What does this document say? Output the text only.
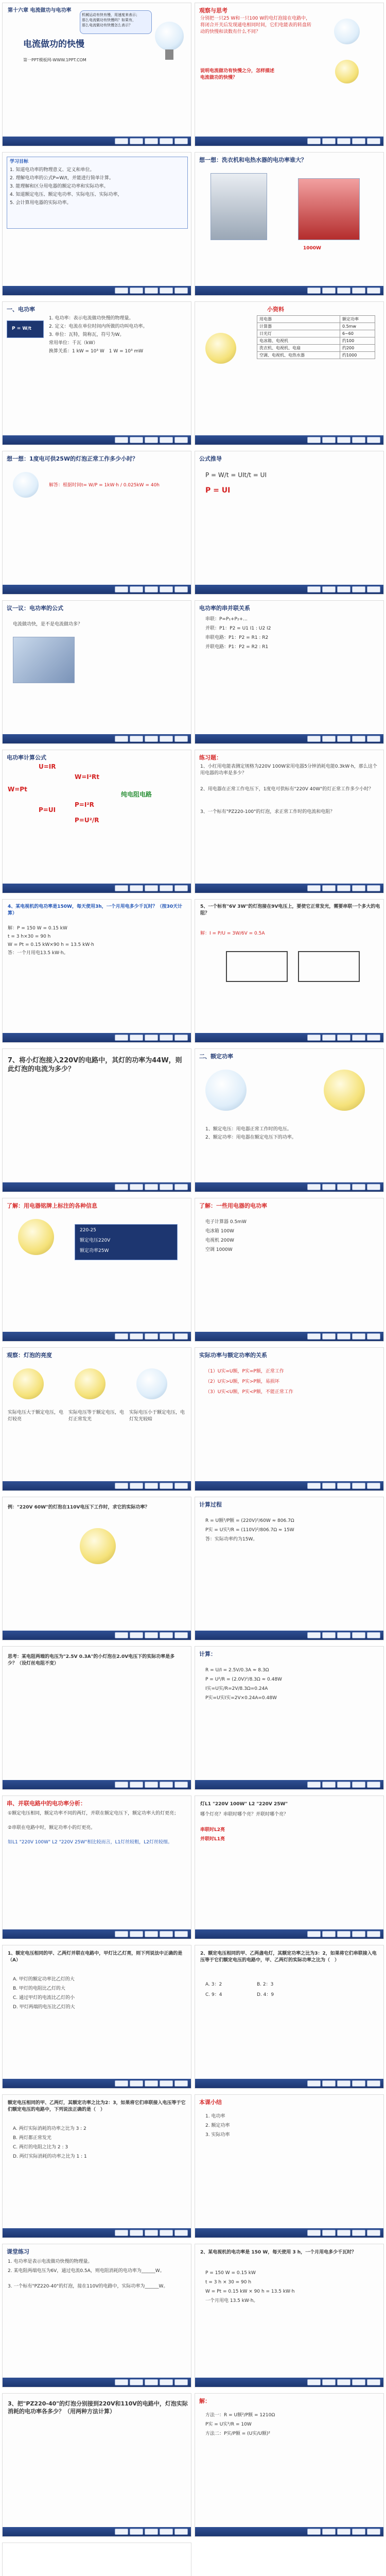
第十六章 电流做功与电功率
电流做功的快慢
第一PPT模板网-WWW.1PPT.COM
机械运动有快有慢，用速度来表示；
那么电流做功有快慢吗？如果有，
那么电流做功有快慢怎么表示？
观察与思考
分别把一只25 W和一只100 W的电灯泡接在电路中，将闭合开关后发现通电相同时间，它们电能表的转盘转动的快慢和读数有什么不同？
说明电流做功有快慢之分，怎样描述电流做功的快慢？
学习目标
1. 知道电功率的物理意义、定义和单位。
2. 理解电功率的公式P=W/t，并能进行简单计算。
3. 能理解和区分用电器的额定功率和实际功率。
4. 知道额定电压、额定电功率、实际电压、实际功率，
5. 会计算用电器的实际功率。
想一想：洗衣机和电热水器的电功率谁大？
1000W
一、电功率
P = W/t
1. 电功率：表示电流做功快慢的物理量。
2. 定义：电流在单位时间内所做的功叫电功率。
3. 单位：瓦特，简称瓦，符号为W。
常用单位：千瓦（kW）
换算关系：1 kW = 10³ W　1 W = 10³ mW
小资料
用电器	额定功率
计算器	0.5mw
日光灯	6~60
电冰箱、电视机	约100
洗衣机、电视机、电扇	约200
空调、电视机、电热水器	约1000
想一想：1度电可供25W的灯泡正常工作多少小时？
解答：根据时间t= W/P = 1kW·h / 0.025kW = 40h
公式推导
P = W/t = UIt/t = UI
P = UI
议一议：电功率的公式
电流做功快，是不是电流做功多？
电功率的串并联关系
串联：P=P₁+P₂+...
并联：P1：P2 = U1 I1 : U2 I2
串联电路：P1：P2 = R1 : R2
并联电路：P1：P2 = R2 : R1
电功率计算公式
U=IR
W=I²Rt
W=Pt
P=UI
P=I²R
P=U²/R
纯电阻电路
练习题：
1、小红用电能表测定规格为220V 100W家用电器5分钟消耗电能0.3kW·h，那么这个用电器的功率是多少？
2、用电器在正常工作电压下，1度电可供标有"220V 40W"的灯正常工作多少小时？
3、一个标有"PZ220-100"的灯泡，求正常工作时的电流和电阻？
4、某电视机的电功率是150W，每天使用3h，一个月用电多少千瓦时？（按30天计算）
解：P = 150 W = 0.15 kW
t = 3 h×30 = 90 h
W = Pt = 0.15 kW×90 h = 13.5 kW·h
答：一个月用电13.5 kW·h。
5、一个标有"6V 3W"的灯泡接在9V电压上，要使它正常发光，需要串联一个多大的电阻？
解：I = P/U = 3W/6V = 0.5A
7、将小灯泡接入220V的电路中，其灯的功率为44W，则此灯泡的电流为多少？
二、额定功率
1、额定电压：用电器正常工作时的电压。
2、额定功率：用电器在额定电压下的功率。
了解：用电器铭牌上标注的各种信息
220-25
额定电压220V
额定功率25W
了解：一些用电器的电功率
电子计算器 0.5mW
电冰箱 100W
电视机 200W
空调 1000W
观察：灯泡的亮度
实际电压大于额定电压，电灯较亮
实际电压等于额定电压，电灯正常发光
实际电压小于额定电压，电灯发光较暗
实际功率与额定功率的关系
（1）U实=U额，P实=P额，正常工作
（2）U实>U额，P实>P额，易损坏
（3）U实<U额，P实<P额，不能正常工作
例："220V 60W"的灯泡在110V电压下工作时，求它的实际功率？	计算过程
R = U额²/P额 = (220V)²/60W ≈ 806.7Ω
P实 = U实²/R = (110V)²/806.7Ω ≈ 15W
答：实际功率约为15W。
思考：某电阻两端的电压为"2.5V 0.3A"的小灯泡在2.0V电压下的实际功率是多少？（设灯丝电阻不变）
计算：
R = U/I = 2.5V/0.3A ≈ 8.3Ω
P = U²/R = (2.0V)²/8.3Ω ≈ 0.48W
I实=U实/R=2V/8.3Ω=0.24A
P实=U实I实=2V×0.24A=0.48W
串、并联电路中的电功率分析：
①额定电压相同，额定功率不同的两灯，并联在额定电压下，额定功率大的灯更亮；
②串联在电路中时，额定功率小的灯更亮。
如L1 "220V 100W" L2 "220V 25W"相比较而言，L1灯丝较粗，L2灯丝较细。
灯L1 "220V 100W" L2 "220V 25W"
哪个灯亮？串联时哪个亮？并联时哪个亮？
串联时L2亮
并联时L1亮
1、额定电压相同的甲、乙两灯并联在电路中，甲灯比乙灯亮，则下列说法中正确的是（A）
A. 甲灯的额定功率比乙灯的大
B. 甲灯的电阻比乙灯的大
C. 通过甲灯的电流比乙灯的小
D. 甲灯两端的电压比乙灯的大
2、额定电压相同的甲、乙两盏电灯，其额定功率之比为3：2，如果将它们串联接入电压等于它们额定电压的电路中，甲、乙两灯的实际功率之比为（　）
A. 3：2	B. 2：3
C. 9：4	D. 4：9
额定电压相同的甲、乙两灯，其额定功率之比为2：3，如果将它们串联接入电压等于它们额定电压的电路中，下列说法正确的是（　）
A. 两灯实际消耗的功率之比为 3 : 2
B. 两灯都正常发光
C. 两灯的电阻之比为 2 : 3
D. 两灯实际消耗的功率之比为 1 : 1
本课小结
1. 电功率
2. 额定功率
3. 实际功率
课堂练习
1. 电功率是表示电流做功快慢的物理量。
2. 某电阻两端电压为6V，通过电流0.5A，则电阻消耗的电功率为______W。
3. 一个标有"PZ220-40"的灯泡，接在110V的电路中，实际功率为______W。
2、某电视机的电功率是 150 W，每天使用 3 h，一个月用电多少千瓦时？
P = 150 W = 0.15 kW
t = 3 h × 30 = 90 h
W = Pt = 0.15 kW × 90 h = 13.5 kW·h
一个月用电 13.5 kW·h。
3、把"PZ220-40"的灯泡分别接到220V和110V的电路中，灯泡实际消耗的电功率各多少？（用两种方法计算）
解：
方法一：R = U额²/P额 = 1210Ω
P实 = U实²/R = 10W
方法二：P实/P额 = (U实/U额)²
